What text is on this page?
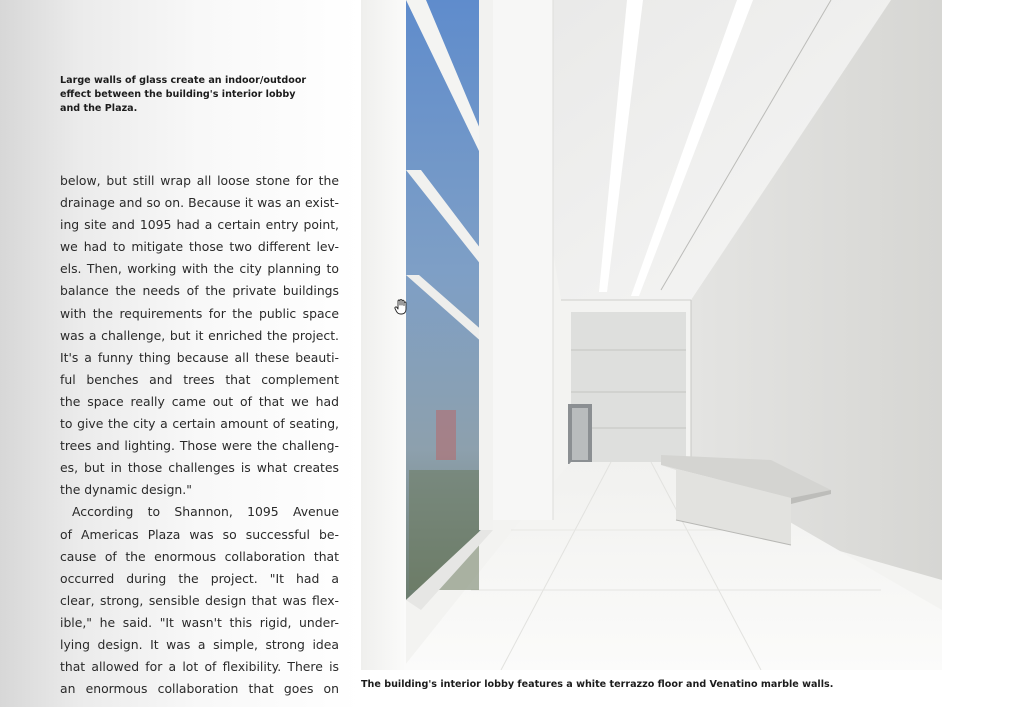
Large walls of glass create an indoor/outdoor
effect between the building's interior lobby
and the Plaza.
below, but still wrap all loose stone for the
drainage and so on. Because it was an exist-
ing site and 1095 had a certain entry point,
we had to mitigate those two different lev-
els. Then, working with the city planning to
balance the needs of the private buildings
with the requirements for the public space
was a challenge, but it enriched the project.
It's a funny thing because all these beauti-
ful benches and trees that complement
the space really came out of that we had
to give the city a certain amount of seating,
trees and lighting. Those were the challeng-
es, but in those challenges is what creates
the dynamic design."
According to Shannon, 1095 Avenue
of Americas Plaza was so successful be-
cause of the enormous collaboration that
occurred during the project. "It had a
clear, strong, sensible design that was flex-
ible," he said. "It wasn't this rigid, under-
lying design. It was a simple, strong idea
that allowed for a lot of flexibility. There is
an enormous collaboration that goes on The building's interior lobby features a white terrazzo floor and Venatino marble walls.
